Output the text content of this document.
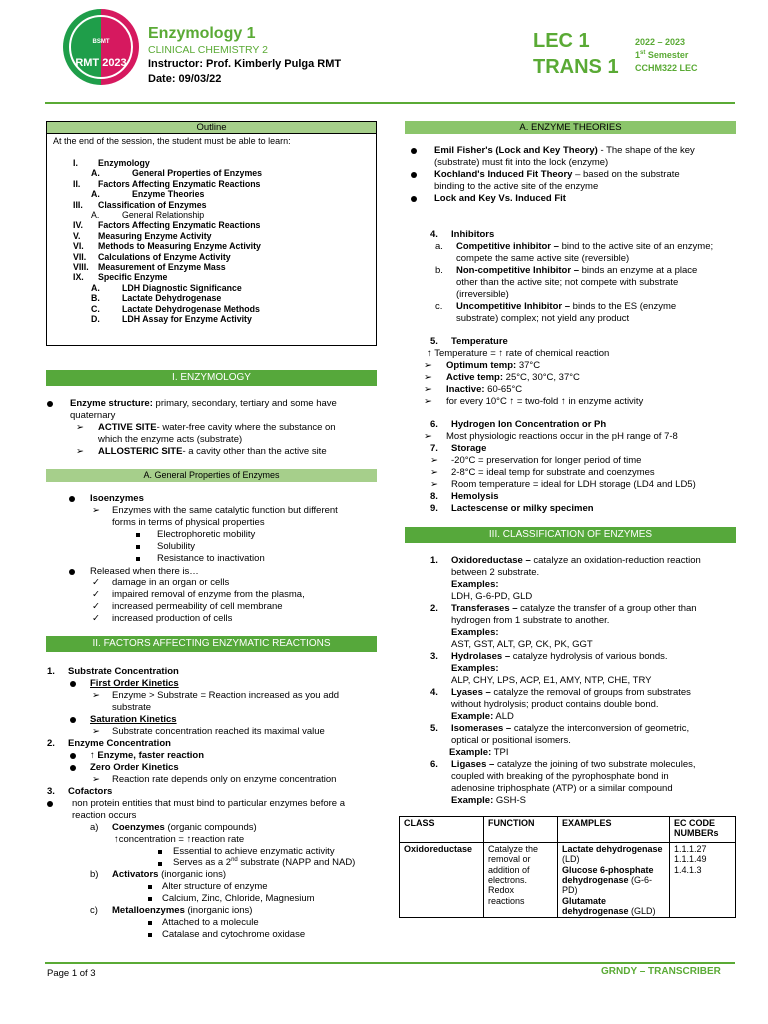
BSMT
RMT 2023
Enzymology 1
CLINICAL CHEMISTRY 2
Instructor: Prof. Kimberly Pulga RMT
Date: 09/03/22
LEC 1
TRANS 1
2022 – 2023
1st Semester
CCHM322 LEC
Outline
At the end of the session, the student must be able to learn:
I. Enzymology
A.	General Properties of Enzymes
II. Factors Affecting Enzymatic Reactions
A.	Enzyme Theories
III. Classification of Enzymes
A.	General Relationship
IV. Factors Affecting Enzymatic Reactions
V. Measuring Enzyme Activity
VI. Methods to Measuring Enzyme Activity
VII. Calculations of Enzyme Activity
VIII. Measurement of Enzyme Mass
IX. Specific Enzyme
A.	LDH Diagnostic Significance
B.	Lactate Dehydrogenase
C.	Lactate Dehydrogenase Methods
D.	LDH Assay for Enzyme Activity
I. ENZYMOLOGY
Enzyme structure: primary, secondary, tertiary and some have
quaternary
➢ ACTIVE SITE- water-free cavity where the substance on
which the enzyme acts (substrate)
➢ ALLOSTERIC SITE- a cavity other than the active site
A. General Properties of Enzymes
Isoenzymes
➢ Enzymes with the same catalytic function but different
forms in terms of physical properties
Electrophoretic mobility
Solubility
Resistance to inactivation
Released when there is…
✓ damage in an organ or cells
✓ impaired removal of enzyme from the plasma,
✓ increased permeability of cell membrane
✓ increased production of cells
II. FACTORS AFFECTING ENZYMATIC REACTIONS
1. Substrate Concentration
First Order Kinetics
➢ Enzyme > Substrate = Reaction increased as you add
substrate
Saturation Kinetics
➢ Substrate concentration reached its maximal value
2. Enzyme Concentration
↑ Enzyme, faster reaction
Zero Order Kinetics
➢ Reaction rate depends only on enzyme concentration
3. Cofactors
non protein entities that must bind to particular enzymes before a
reaction occurs
a) Coenzymes (organic compounds)
↑concentration = ↑reaction rate
Essential to achieve enzymatic activity
Serves as a 2nd substrate (NAPP and NAD)
b) Activators (inorganic ions)
Alter structure of enzyme
Calcium, Zinc, Chloride, Magnesium
c) Metalloenzymes (inorganic ions)
Attached to a molecule
Catalase and cytochrome oxidase
A. ENZYME THEORIES
Emil Fisher's (Lock and Key Theory) - The shape of the key
(substrate) must fit into the lock (enzyme)
Kochland's Induced Fit Theory – based on the substrate
binding to the active site of the enzyme
Lock and Key Vs. Induced Fit
4. Inhibitors
a. Competitive inhibitor – bind to the active site of an enzyme;
compete the same active site (reversible)
b. Non-competitive Inhibitor – binds an enzyme at a place
other than the active site; not compete with substrate
(irreversible)
c. Uncompetitive Inhibitor – binds to the ES (enzyme
substrate) complex; not yield any product
5. Temperature
↑ Temperature = ↑ rate of chemical reaction
➢ Optimum temp: 37°C
➢ Active temp: 25°C, 30°C, 37°C
➢ Inactive: 60-65°C
➢ for every 10°C ↑ = two-fold ↑ in enzyme activity
6. Hydrogen Ion Concentration or Ph
➢ Most physiologic reactions occur in the pH range of 7-8
7. Storage
➢ -20°C = preservation for longer period of time
➢ 2-8°C = ideal temp for substrate and coenzymes
➢ Room temperature = ideal for LDH storage (LD4 and LD5)
8. Hemolysis
9. Lactescense or milky specimen
III. CLASSIFICATION OF ENZYMES
1. Oxidoreductase – catalyze an oxidation-reduction reaction
between 2 substrate.
Examples:
LDH, G-6-PD, GLD
2. Transferases – catalyze the transfer of a group other than
hydrogen from 1 substrate to another.
Examples:
AST, GST, ALT, GP, CK, PK, GGT
3. Hydrolases – catalyze hydrolysis of various bonds.
Examples:
ALP, CHY, LPS, ACP, E1, AMY, NTP, CHE, TRY
4. Lyases – catalyze the removal of groups from substrates
without hydrolysis; product contains double bond.
Example: ALD
5. Isomerases – catalyze the interconversion of geometric,
optical or positional isomers.
Example: TPI
6. Ligases – catalyze the joining of two substrate molecules,
coupled with breaking of the pyrophosphate bond in
adenosine triphosphate (ATP) or a similar compound
Example: GSH-S
CLASS	FUNCTION	EXAMPLES	EC CODE NUMBERs
Oxidoreductase	Catalyze the removal or addition of electrons. Redox reactions	Lactate dehydrogenase (LD)
Glucose 6-phosphate dehydrogenase (G-6-PD)
Glutamate dehydrogenase (GLD)	1.1.1.27
1.1.1.49
1.4.1.3
Page 1 of 3	GRNDY – TRANSCRIBER
